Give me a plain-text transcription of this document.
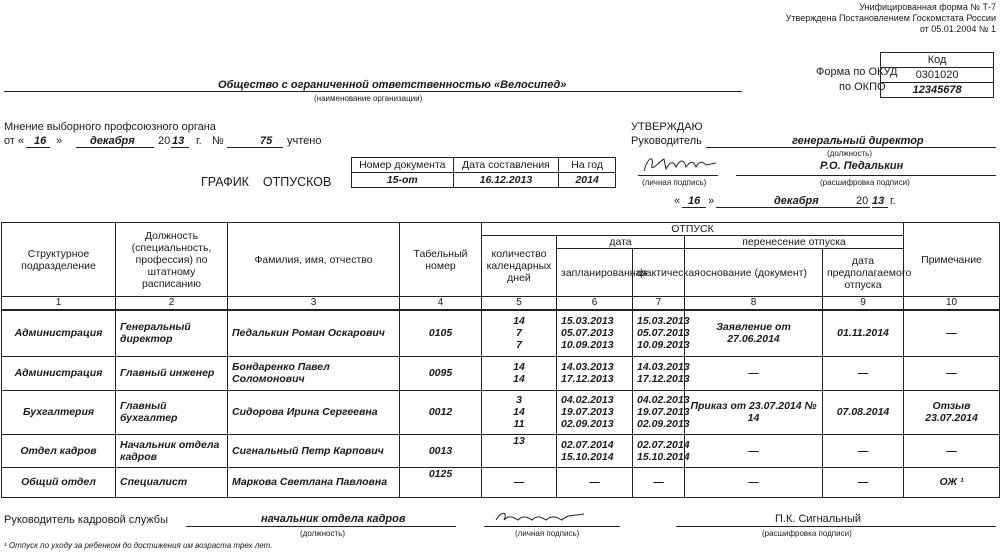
Унифицированная форма № Т-7
Утверждена Постановлением Госкомстата России
от 05.01.2004 № 1
Форма по ОКУД
по ОКПО
	Код
	0301020
	12345678
Общество с ограниченной ответственностью «Велосипед»
(наименование организации)
Мнение выборного профсоюзного органа
от « 16 »	декабря 20 13 г. №	75 учтено
УТВЕРЖДАЮ
Руководитель	генеральный директор
(должность)
(личная подпись)
Р.О. Педалькин
(расшифровка подписи)
« 16 »	декабря	20 13 г.
ГРАФИК    ОТПУСКОВ
Номер документа	Дата составления	На год
15-от	16.12.2013	2014
Структурное подразделение	Должность (специальность, профессия) по штатному расписанию	Фамилия, имя, отчество	Табельный номер	ОТПУСК					Примечание
				количество календарных дней	дата		перенесение отпуска		
					запланированная	фактическая	основание (документ)	дата предполагаемого отпуска	
1	2	3	4	5	6	7	8	9	10
Администрация	Генеральный директор	Педалькин Роман Оскарович	0105	14
7
7	15.03.2013
05.07.2013
10.09.2013	15.03.2013
05.07.2013
10.09.2013	Заявление от 27.06.2014	01.11.2014	—
Администрация	Главный инженер	Бондаренко Павел Соломонович	0095	14
14	14.03.2013
17.12.2013	14.03.2013
17.12.2013	—	—	—
Бухгалтерия	Главный бухгалтер	Сидорова Ирина Сергеевна	0012	3
14
11	04.02.2013
19.07.2013
02.09.2013	04.02.2013
19.07.2013
02.09.2013	Приказ от 23.07.2014 № 14	07.08.2014	Отзыв 23.07.2014
Отдел кадров	Начальник отдела кадров	Сигнальный Петр Карпович	0013	13	02.07.2014
15.10.2014	02.07.2014
15.10.2014	—	—	—
Общий отдел	Специалист	Маркова Светлана Павловна	0125	—	—	—	—	—	ОЖ ¹
Руководитель кадровой службы	начальник отдела кадров
(должность)	(личная подпись)
П.К. Сигнальный
(расшифровка подписи)
¹ Отпуск по уходу за ребенком до достижения им возраста трех лет.
